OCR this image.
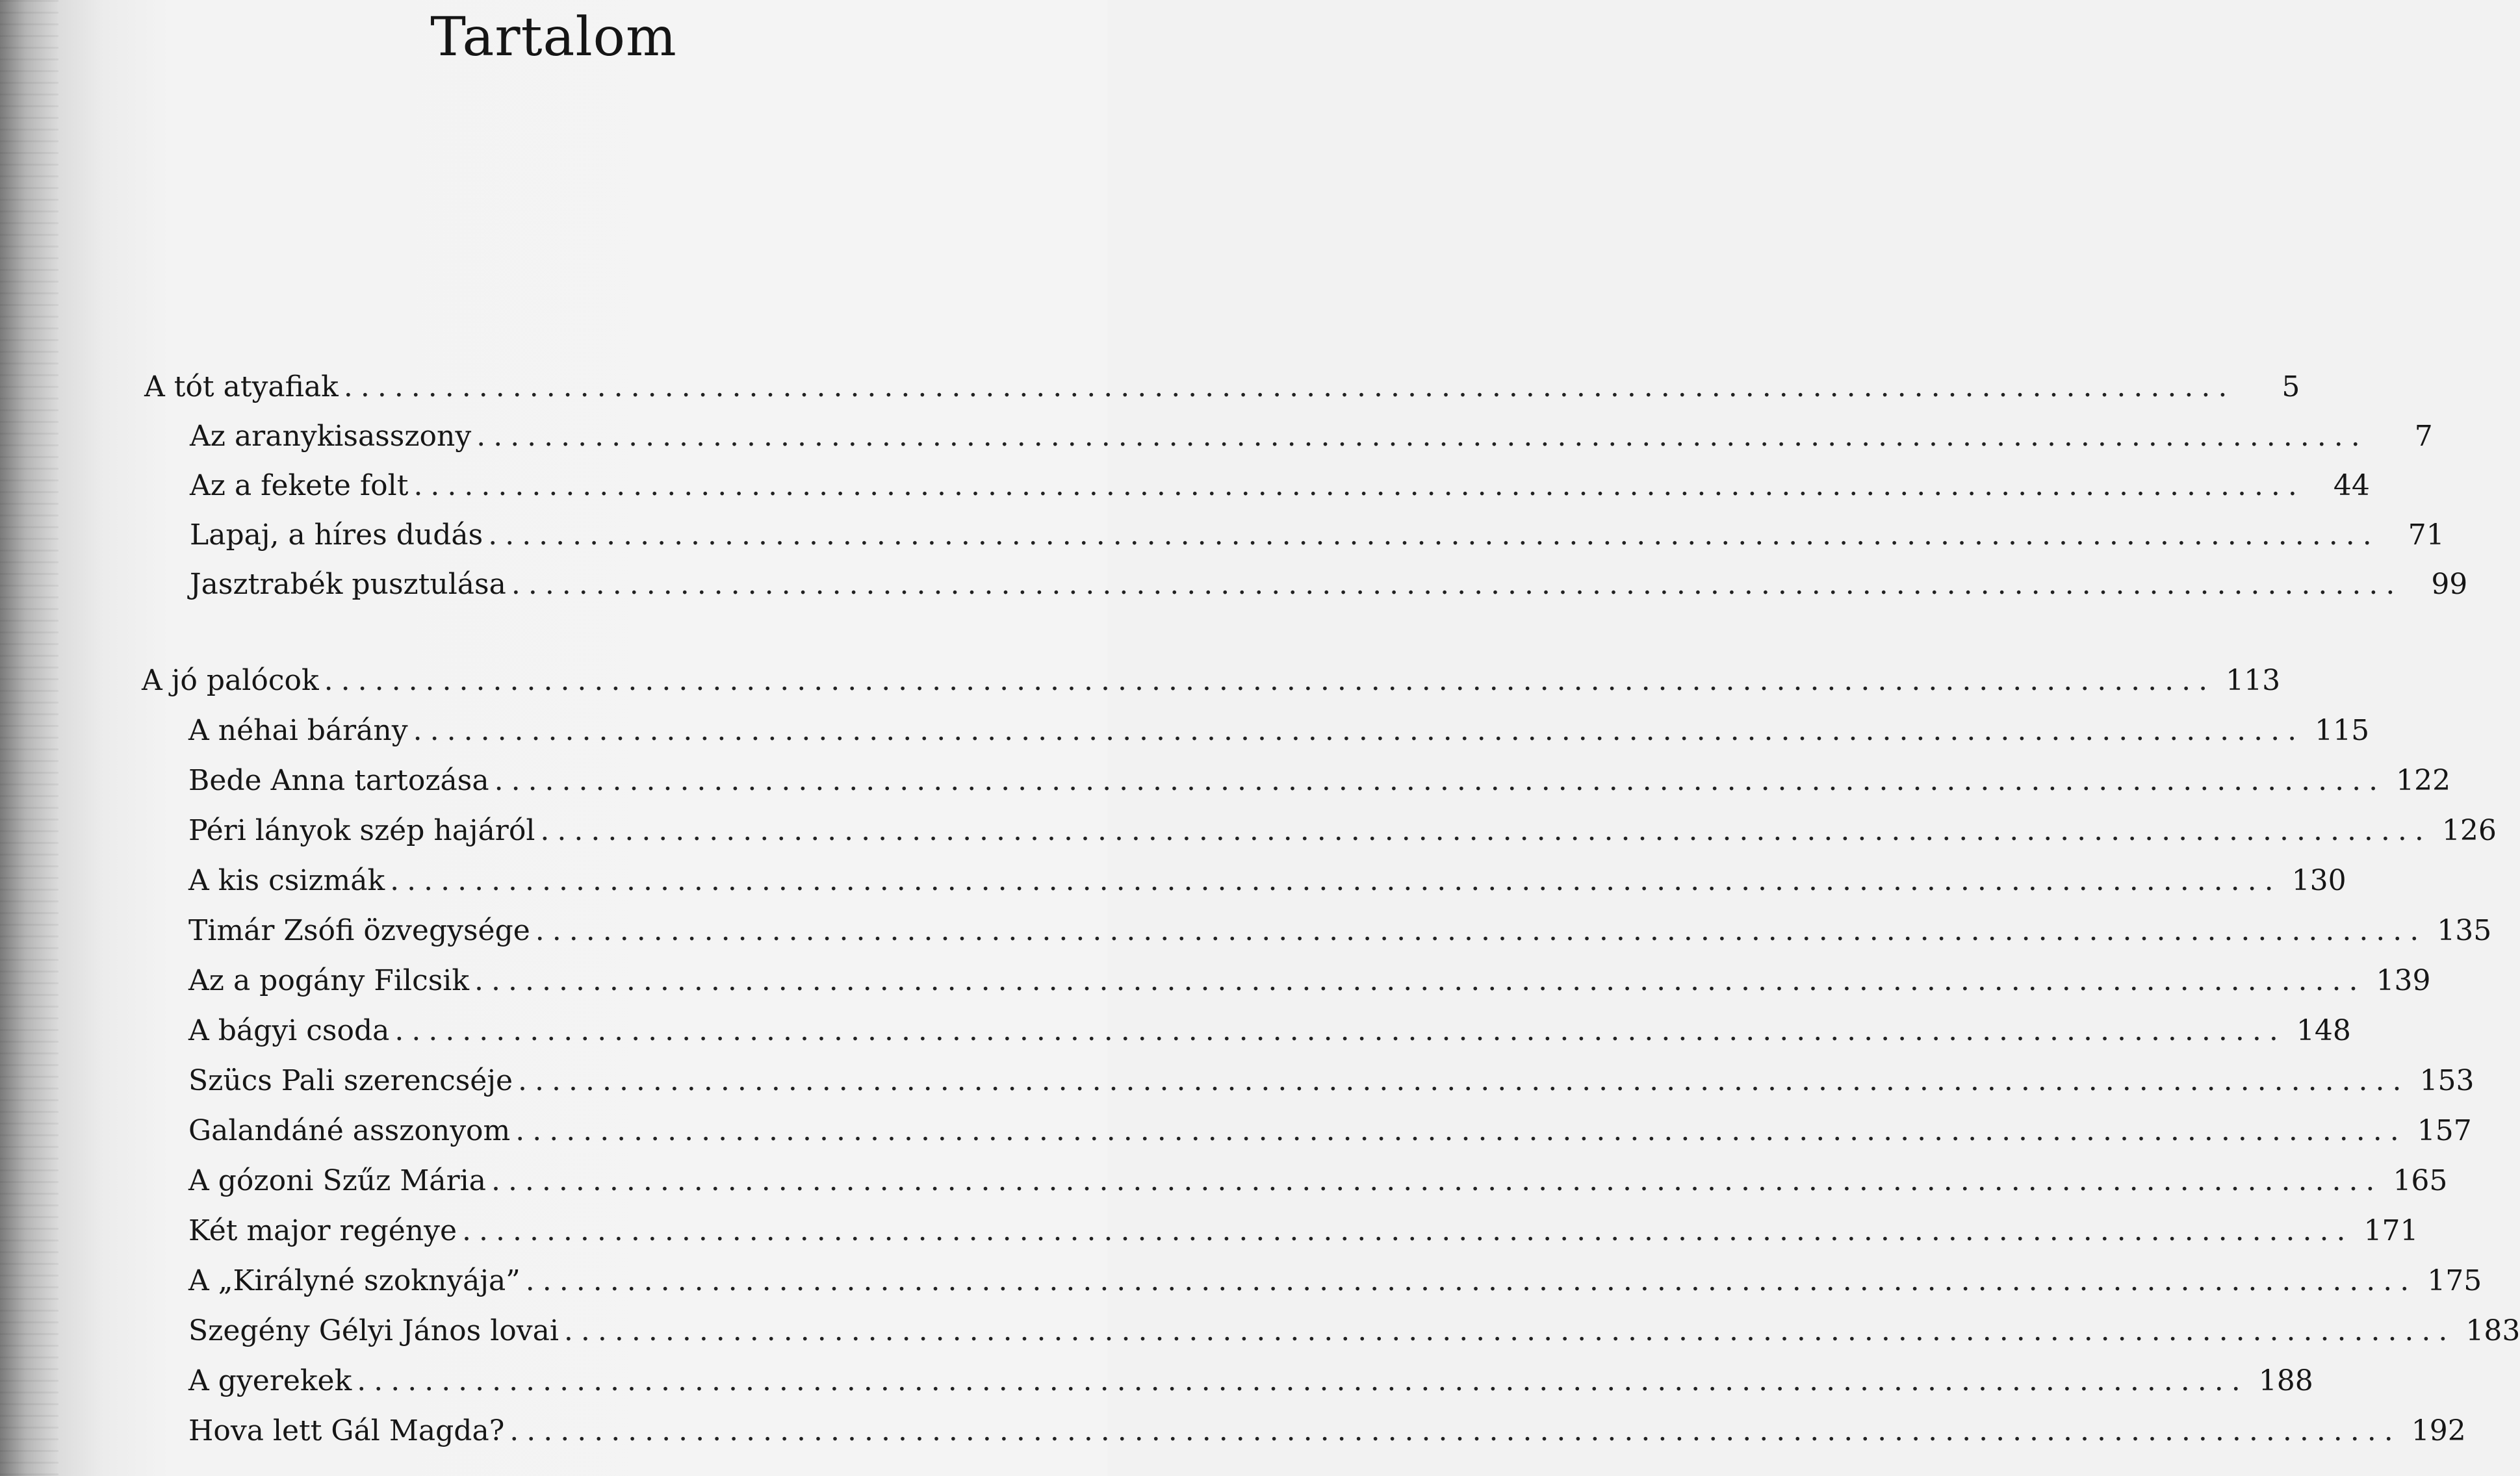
Tartalom
A tót atyafiak ................................................................................................................	5
Az aranykisasszony ................................................................................................................	7
Az a fekete folt ................................................................................................................	44
Lapaj, a híres dudás ................................................................................................................	71
Jasztrabék pusztulása ................................................................................................................	99
A jó palócok ................................................................................................................ 113
A néhai bárány ................................................................................................................ 115
Bede Anna tartozása ................................................................................................................ 122
Péri lányok szép hajáról ................................................................................................................ 126
A kis csizmák ................................................................................................................ 130
Timár Zsófi özvegysége ................................................................................................................ 135
Az a pogány Filcsik ................................................................................................................ 139
A bágyi csoda ................................................................................................................ 148
Szücs Pali szerencséje ................................................................................................................ 153
Galandáné asszonyom ................................................................................................................ 157
A gózoni Szűz Mária ................................................................................................................ 165
Két major regénye ................................................................................................................ 171
A „Királyné szoknyája” ................................................................................................................ 175
Szegény Gélyi János lovai ................................................................................................................ 183
A gyerekek ................................................................................................................ 188
Hova lett Gál Magda? ................................................................................................................ 192
